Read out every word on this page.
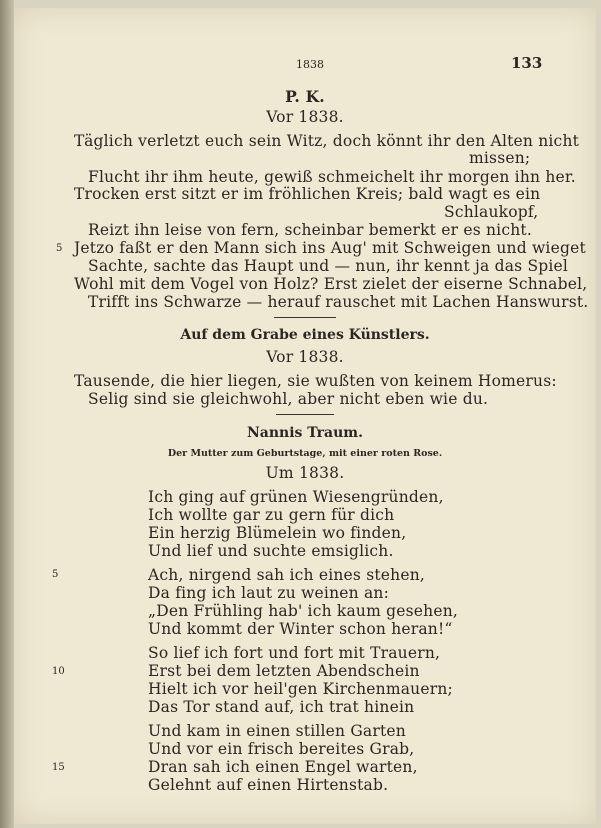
1838	133
P. K.
Vor 1838.
Täglich verletzt euch sein Witz, doch könnt ihr den Alten nicht
missen;
Flucht ihr ihm heute, gewiß schmeichelt ihr morgen ihn her.
Trocken erst sitzt er im fröhlichen Kreis; bald wagt es ein
Schlaukopf,
Reizt ihn leise von fern, scheinbar bemerkt er es nicht.
5 Jetzo faßt er den Mann sich ins Aug' mit Schweigen und wieget
Sachte, sachte das Haupt und — nun, ihr kennt ja das Spiel
Wohl mit dem Vogel von Holz? Erst zielet der eiserne Schnabel,
Trifft ins Schwarze — herauf rauschet mit Lachen Hanswurst.
Auf dem Grabe eines Künstlers.
Vor 1838.
Tausende, die hier liegen, sie wußten von keinem Homerus:
Selig sind sie gleichwohl, aber nicht eben wie du.
Nannis Traum.
Der Mutter zum Geburtstage, mit einer roten Rose.
Um 1838.
Ich ging auf grünen Wiesengründen,
Ich wollte gar zu gern für dich
Ein herzig Blümelein wo finden,
Und lief und suchte emsiglich.
5	Ach, nirgend sah ich eines stehen,
Da fing ich laut zu weinen an:
„Den Frühling hab' ich kaum gesehen,
Und kommt der Winter schon heran!“
So lief ich fort und fort mit Trauern,
10	Erst bei dem letzten Abendschein
Hielt ich vor heil'gen Kirchenmauern;
Das Tor stand auf, ich trat hinein
Und kam in einen stillen Garten
Und vor ein frisch bereites Grab,
15	Dran sah ich einen Engel warten,
Gelehnt auf einen Hirtenstab.
